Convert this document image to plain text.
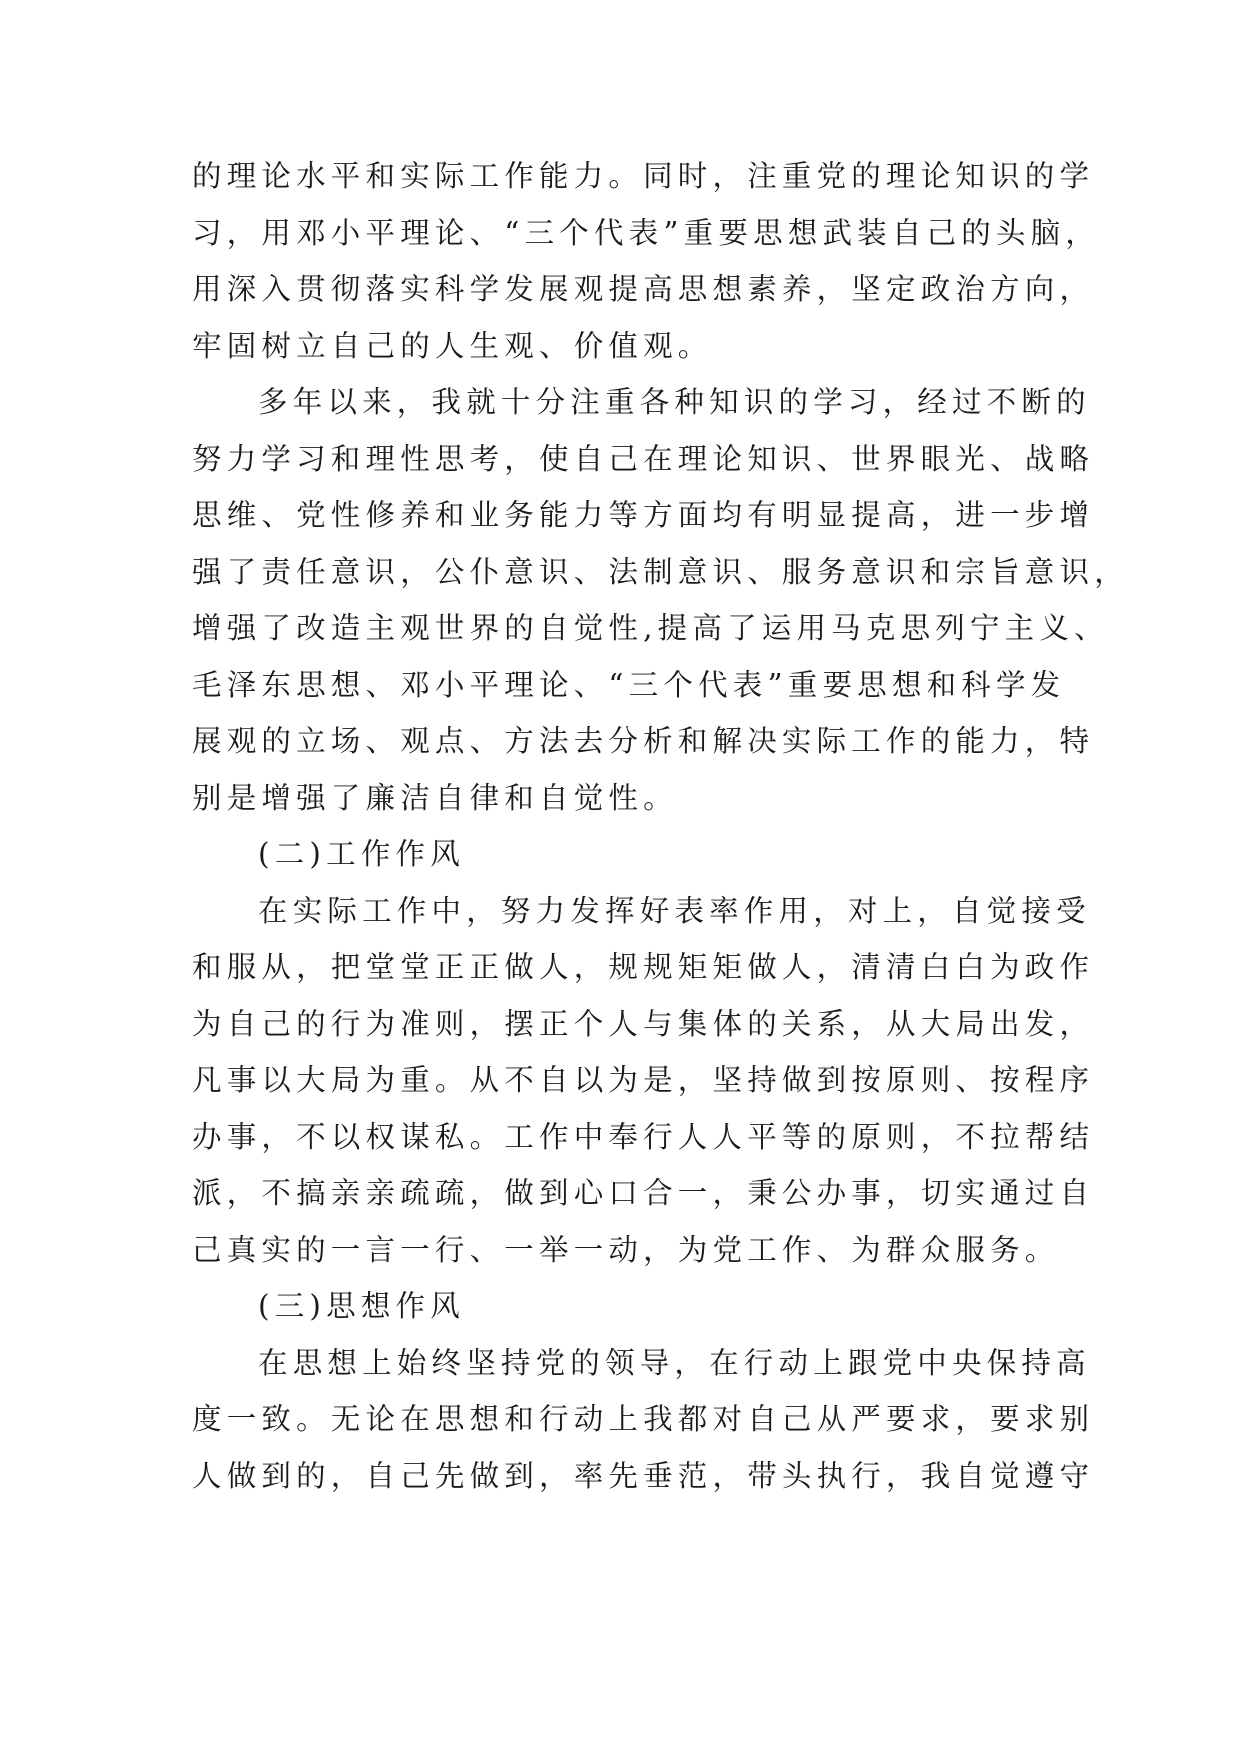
的理论水平和实际工作能力。同时，注重党的理论知识的学
习，用邓小平理论、“三个代表”重要思想武装自己的头脑，
用深入贯彻落实科学发展观提高思想素养，坚定政治方向，
牢固树立自己的人生观、价值观。
多年以来，我就十分注重各种知识的学习，经过不断的
努力学习和理性思考，使自己在理论知识、世界眼光、战略
思维、党性修养和业务能力等方面均有明显提高，进一步增
强了责任意识，公仆意识、法制意识、服务意识和宗旨意识，
增强了改造主观世界的自觉性,提高了运用马克思列宁主义、
毛泽东思想、邓小平理论、“三个代表”重要思想和科学发
展观的立场、观点、方法去分析和解决实际工作的能力，特
别是增强了廉洁自律和自觉性。
(二)工作作风
在实际工作中，努力发挥好表率作用，对上，自觉接受
和服从，把堂堂正正做人，规规矩矩做人，清清白白为政作
为自己的行为准则，摆正个人与集体的关系，从大局出发，
凡事以大局为重。从不自以为是，坚持做到按原则、按程序
办事，不以权谋私。工作中奉行人人平等的原则，不拉帮结
派，不搞亲亲疏疏，做到心口合一，秉公办事，切实通过自
己真实的一言一行、一举一动，为党工作、为群众服务。
(三)思想作风
在思想上始终坚持党的领导，在行动上跟党中央保持高
度一致。无论在思想和行动上我都对自己从严要求，要求别
人做到的，自己先做到，率先垂范，带头执行，我自觉遵守
